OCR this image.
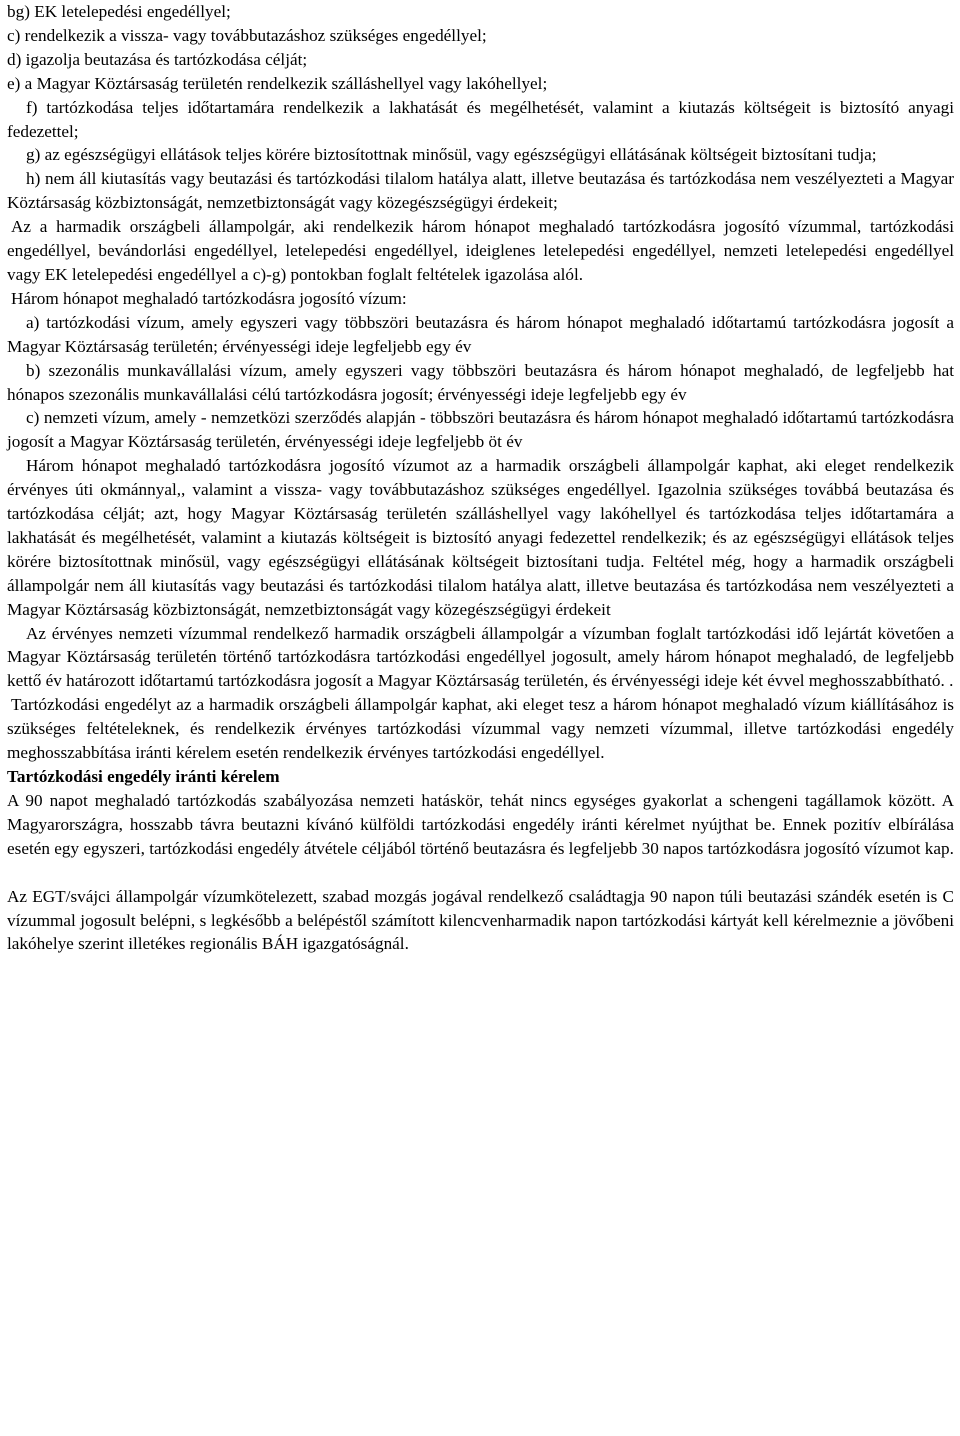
bg) EK letelepedési engedéllyel;
c) rendelkezik a vissza- vagy továbbutazáshoz szükséges engedéllyel;
d) igazolja beutazása és tartózkodása célját;
e) a Magyar Köztársaság területén rendelkezik szálláshellyel vagy lakóhellyel;

f) tartózkodása teljes időtartamára rendelkezik a lakhatását és megélhetését, valamint a kiutazás költségeit is biztosító anyagi fedezettel;

g) az egészségügyi ellátások teljes körére biztosítottnak minősül, vagy egészségügyi ellátásának költségeit biztosítani tudja;

h) nem áll kiutasítás vagy beutazási és tartózkodási tilalom hatálya alatt, illetve beutazása és tartózkodása nem veszélyezteti a Magyar Köztársaság közbiztonságát, nemzetbiztonságát vagy közegészségügyi érdekeit;

Az a harmadik országbeli állampolgár, aki rendelkezik három hónapot meghaladó tartózkodásra jogosító vízummal, tartózkodási engedéllyel, bevándorlási engedéllyel, letelepedési engedéllyel, ideiglenes letelepedési engedéllyel, nemzeti letelepedési engedéllyel vagy EK letelepedési engedéllyel a c)-g) pontokban foglalt feltételek igazolása alól.

Három hónapot meghaladó tartózkodásra jogosító vízum:

a) tartózkodási vízum, amely egyszeri vagy többszöri beutazásra és három hónapot meghaladó időtartamú tartózkodásra jogosít a Magyar Köztársaság területén; érvényességi ideje legfeljebb egy év

b) szezonális munkavállalási vízum, amely egyszeri vagy többszöri beutazásra és három hónapot meghaladó, de legfeljebb hat hónapos szezonális munkavállalási célú tartózkodásra jogosít; érvényességi ideje legfeljebb egy év

c) nemzeti vízum, amely - nemzetközi szerződés alapján - többszöri beutazásra és három hónapot meghaladó időtartamú tartózkodásra jogosít a Magyar Köztársaság területén, érvényességi ideje legfeljebb öt év

Három hónapot meghaladó tartózkodásra jogosító vízumot az a harmadik országbeli állampolgár kaphat, aki eleget rendelkezik érvényes úti okmánnyal,, valamint a vissza- vagy továbbutazáshoz szükséges engedéllyel. Igazolnia szükséges továbbá beutazása és tartózkodása célját; azt, hogy Magyar Köztársaság területén szálláshellyel vagy lakóhellyel és tartózkodása teljes időtartamára a lakhatását és megélhetését, valamint a kiutazás költségeit is biztosító anyagi fedezettel rendelkezik; és az egészségügyi ellátások teljes körére biztosítottnak minősül, vagy egészségügyi ellátásának költségeit biztosítani tudja. Feltétel még, hogy a harmadik országbeli állampolgár nem áll kiutasítás vagy beutazási és tartózkodási tilalom hatálya alatt, illetve beutazása és tartózkodása nem veszélyezteti a Magyar Köztársaság közbiztonságát, nemzetbiztonságát vagy közegészségügyi érdekeit

Az érvényes nemzeti vízummal rendelkező harmadik országbeli állampolgár a vízumban foglalt tartózkodási idő lejártát követően a Magyar Köztársaság területén történő tartózkodásra tartózkodási engedéllyel jogosult, amely három hónapot meghaladó, de legfeljebb kettő év határozott időtartamú tartózkodásra jogosít a Magyar Köztársaság területén, és érvényességi ideje két évvel meghosszabbítható. .

Tartózkodási engedélyt az a harmadik országbeli állampolgár kaphat, aki eleget tesz a három hónapot meghaladó vízum kiállításához is szükséges feltételeknek, és rendelkezik érvényes tartózkodási vízummal vagy nemzeti vízummal, illetve tartózkodási engedély meghosszabbítása iránti kérelem esetén rendelkezik érvényes tartózkodási engedéllyel.

Tartózkodási engedély iránti kérelem

A 90 napot meghaladó tartózkodás szabályozása nemzeti hatáskör, tehát nincs egységes gyakorlat a schengeni tagállamok között. A Magyarországra, hosszabb távra beutazni kívánó külföldi tartózkodási engedély iránti kérelmet nyújthat be. Ennek pozitív elbírálása esetén egy egyszeri, tartózkodási engedély átvétele céljából történő beutazásra és legfeljebb 30 napos tartózkodásra jogosító vízumot kap.

Az EGT/svájci állampolgár vízumkötelezett, szabad mozgás jogával rendelkező családtagja 90 napon túli beutazási szándék esetén is C vízummal jogosult belépni, s legkésőbb a belépéstől számított kilencvenharmadik napon tartózkodási kártyát kell kérelmeznie a jövőbeni lakóhelye szerint illetékes regionális BÁH igazgatóságnál.
